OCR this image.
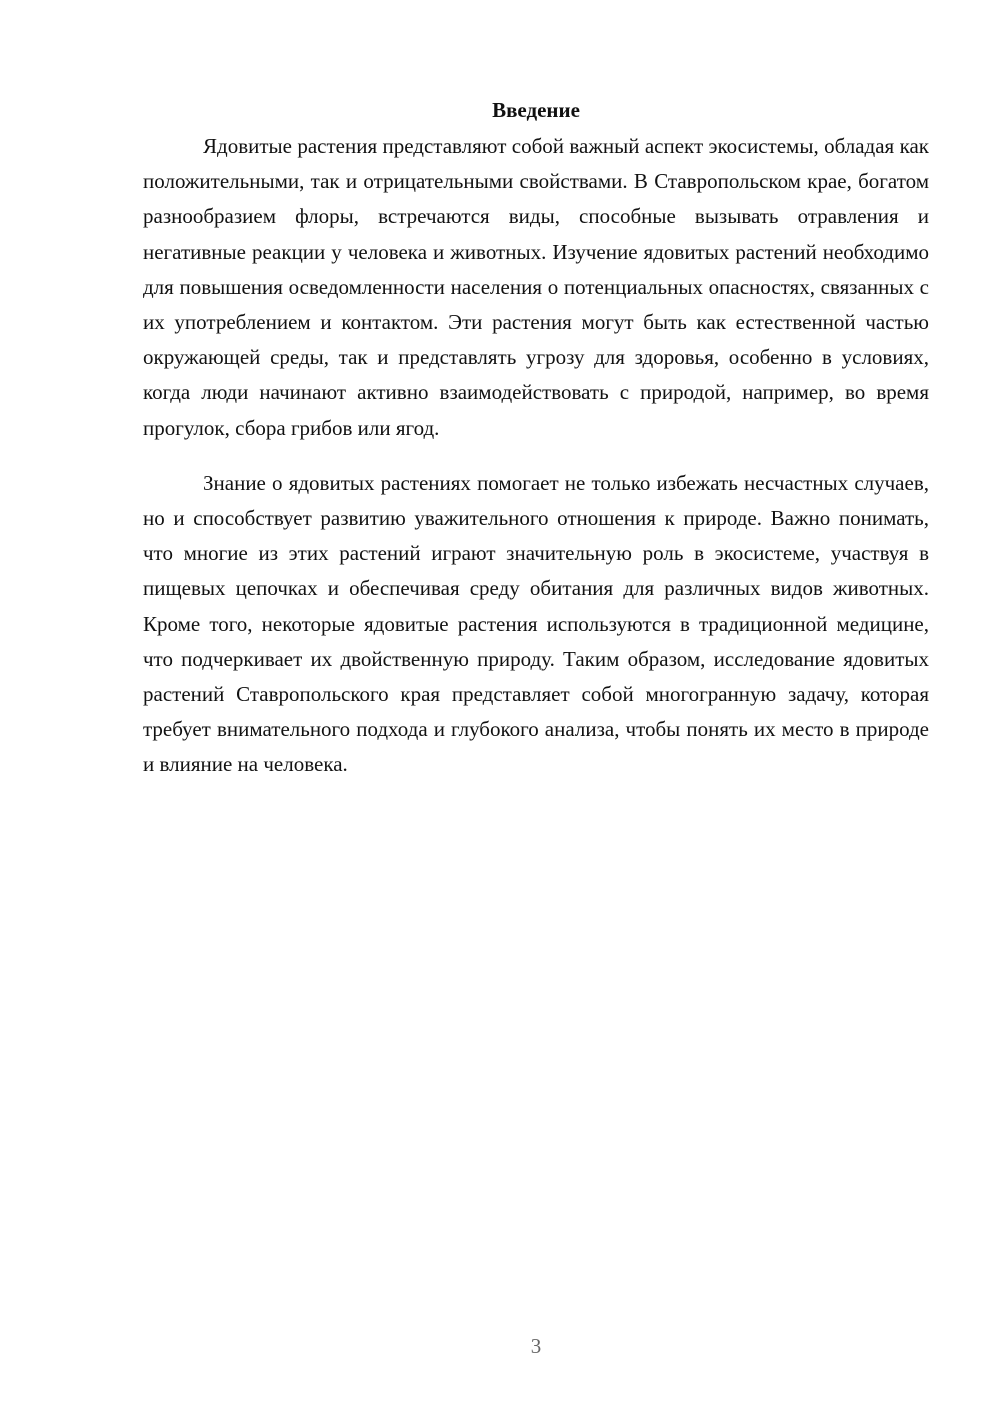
Введение

Ядовитые растения представляют собой важный аспект экосистемы, обладая как положительными, так и отрицательными свойствами. В Ставропольском крае, богатом разнообразием флоры, встречаются виды, способные вызывать отравления и негативные реакции у человека и животных. Изучение ядовитых растений необходимо для повышения осведомленности населения о потенциальных опасностях, связанных с их употреблением и контактом. Эти растения могут быть как естественной частью окружающей среды, так и представлять угрозу для здоровья, особенно в условиях, когда люди начинают активно взаимодействовать с природой, например, во время прогулок, сбора грибов или ягод.

Знание о ядовитых растениях помогает не только избежать несчастных случаев, но и способствует развитию уважительного отношения к природе. Важно понимать, что многие из этих растений играют значительную роль в экосистеме, участвуя в пищевых цепочках и обеспечивая среду обитания для различных видов животных. Кроме того, некоторые ядовитые растения используются в традиционной медицине, что подчеркивает их двойственную природу. Таким образом, исследование ядовитых растений Ставропольского края представляет собой многогранную задачу, которая требует внимательного подхода и глубокого анализа, чтобы понять их место в природе и влияние на человека.

3
